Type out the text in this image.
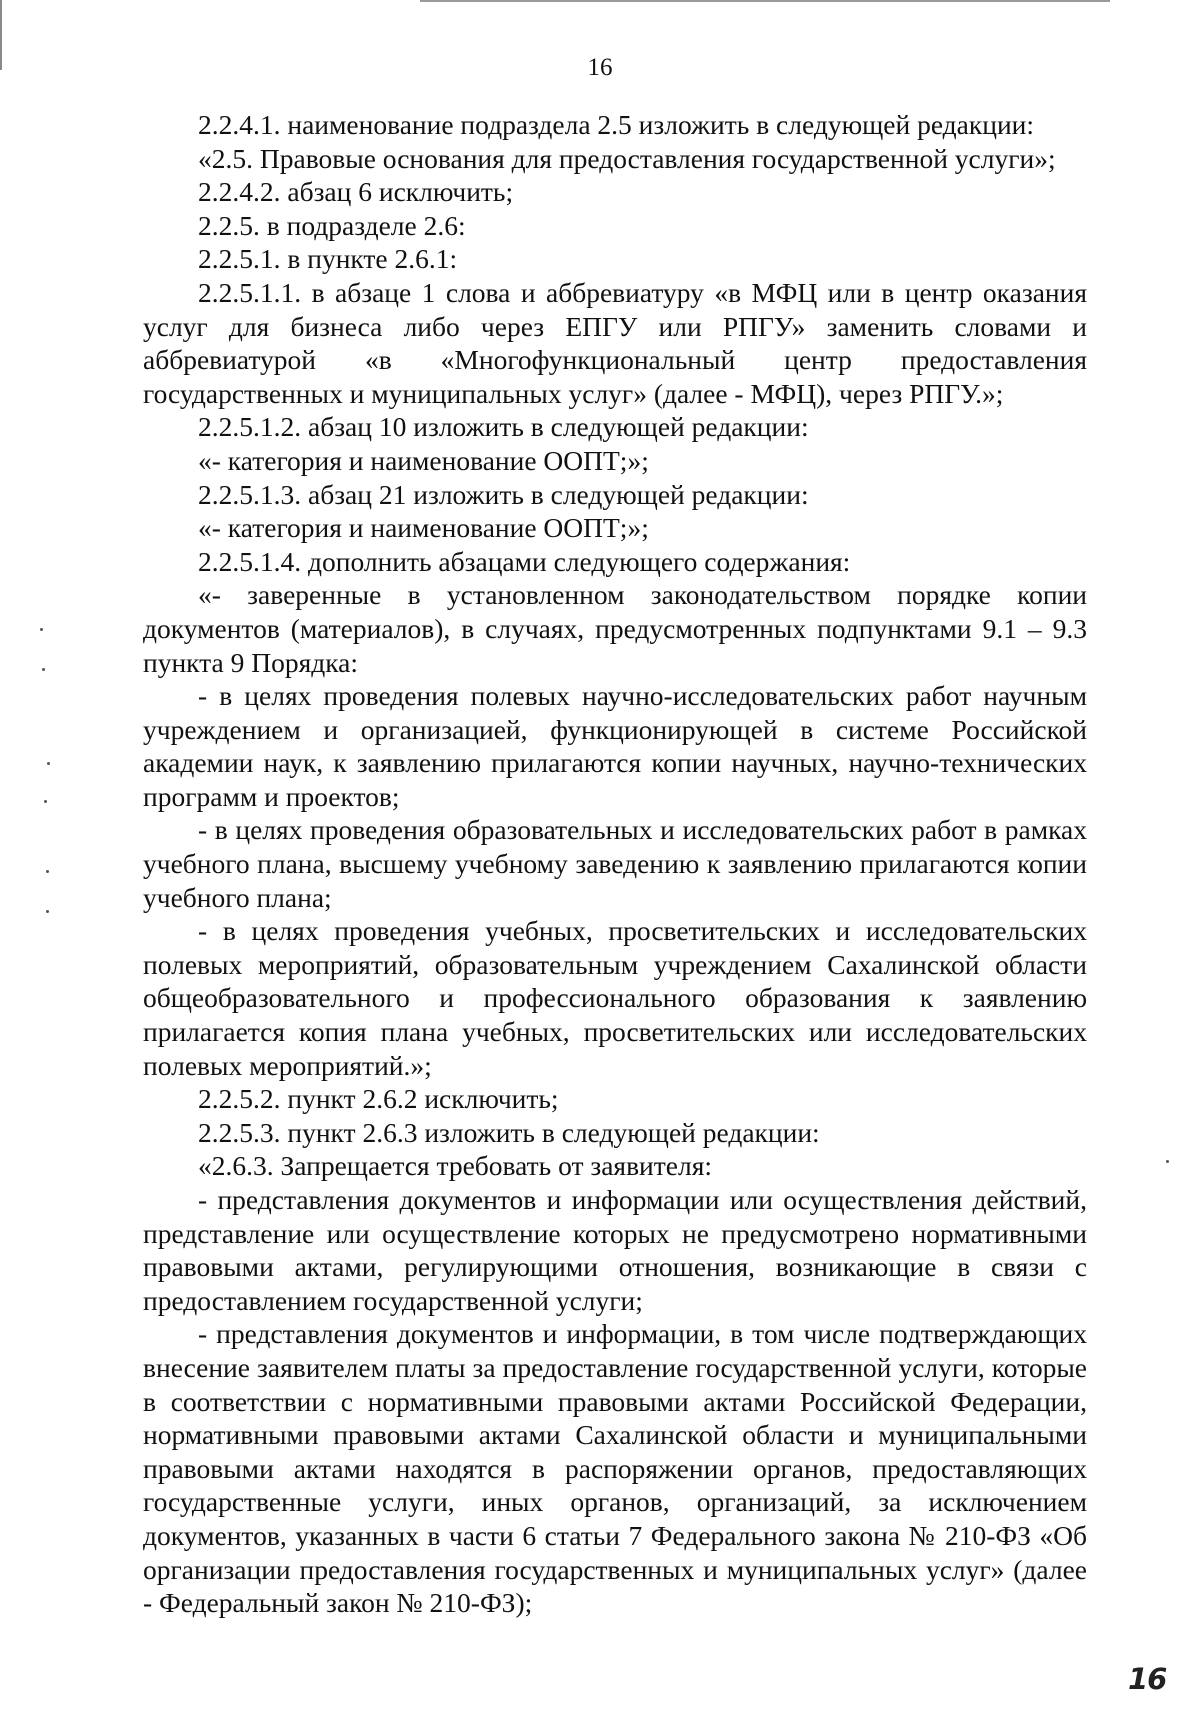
16

2.2.4.1. наименование подраздела 2.5 изложить в следующей редакции:

«2.5. Правовые основания для предоставления государственной услуги»;

2.2.4.2. абзац 6 исключить;

2.2.5. в подразделе 2.6:

2.2.5.1. в пункте 2.6.1:

2.2.5.1.1. в абзаце 1 слова и аббревиатуру «в МФЦ или в центр оказания услуг для бизнеса либо через ЕПГУ или РПГУ» заменить словами и аббревиатурой «в «Многофункциональный центр предоставления государственных и муниципальных услуг» (далее - МФЦ), через РПГУ.»;

2.2.5.1.2. абзац 10 изложить в следующей редакции:

«- категория и наименование ООПТ;»;

2.2.5.1.3. абзац 21 изложить в следующей редакции:

«- категория и наименование ООПТ;»;

2.2.5.1.4. дополнить абзацами следующего содержания:

«- заверенные в установленном законодательством порядке копии документов (материалов), в случаях, предусмотренных подпунктами 9.1 – 9.3 пункта 9 Порядка:

- в целях проведения полевых научно-исследовательских работ научным учреждением и организацией, функционирующей в системе Российской академии наук, к заявлению прилагаются копии научных, научно-технических программ и проектов;

- в целях проведения образовательных и исследовательских работ в рамках учебного плана, высшему учебному заведению к заявлению прилагаются копии учебного плана;

- в целях проведения учебных, просветительских и исследовательских полевых мероприятий, образовательным учреждением Сахалинской области общеобразовательного и профессионального образования к заявлению прилагается копия плана учебных, просветительских или исследовательских полевых мероприятий.»;

2.2.5.2. пункт 2.6.2 исключить;

2.2.5.3. пункт 2.6.3 изложить в следующей редакции:

«2.6.3. Запрещается требовать от заявителя:

- представления документов и информации или осуществления действий, представление или осуществление которых не предусмотрено нормативными правовыми актами, регулирующими отношения, возникающие в связи с предоставлением государственной услуги;

- представления документов и информации, в том числе подтверждающих внесение заявителем платы за предоставление государственной услуги, которые в соответствии с нормативными правовыми актами Российской Федерации, нормативными правовыми актами Сахалинской области и муниципальными правовыми актами находятся в распоряжении органов, предоставляющих государственные услуги, иных органов, организаций, за исключением документов, указанных в части 6 статьи 7 Федерального закона № 210-ФЗ «Об организации предоставления государственных и муниципальных услуг» (далее - Федеральный закон № 210-ФЗ);

16
